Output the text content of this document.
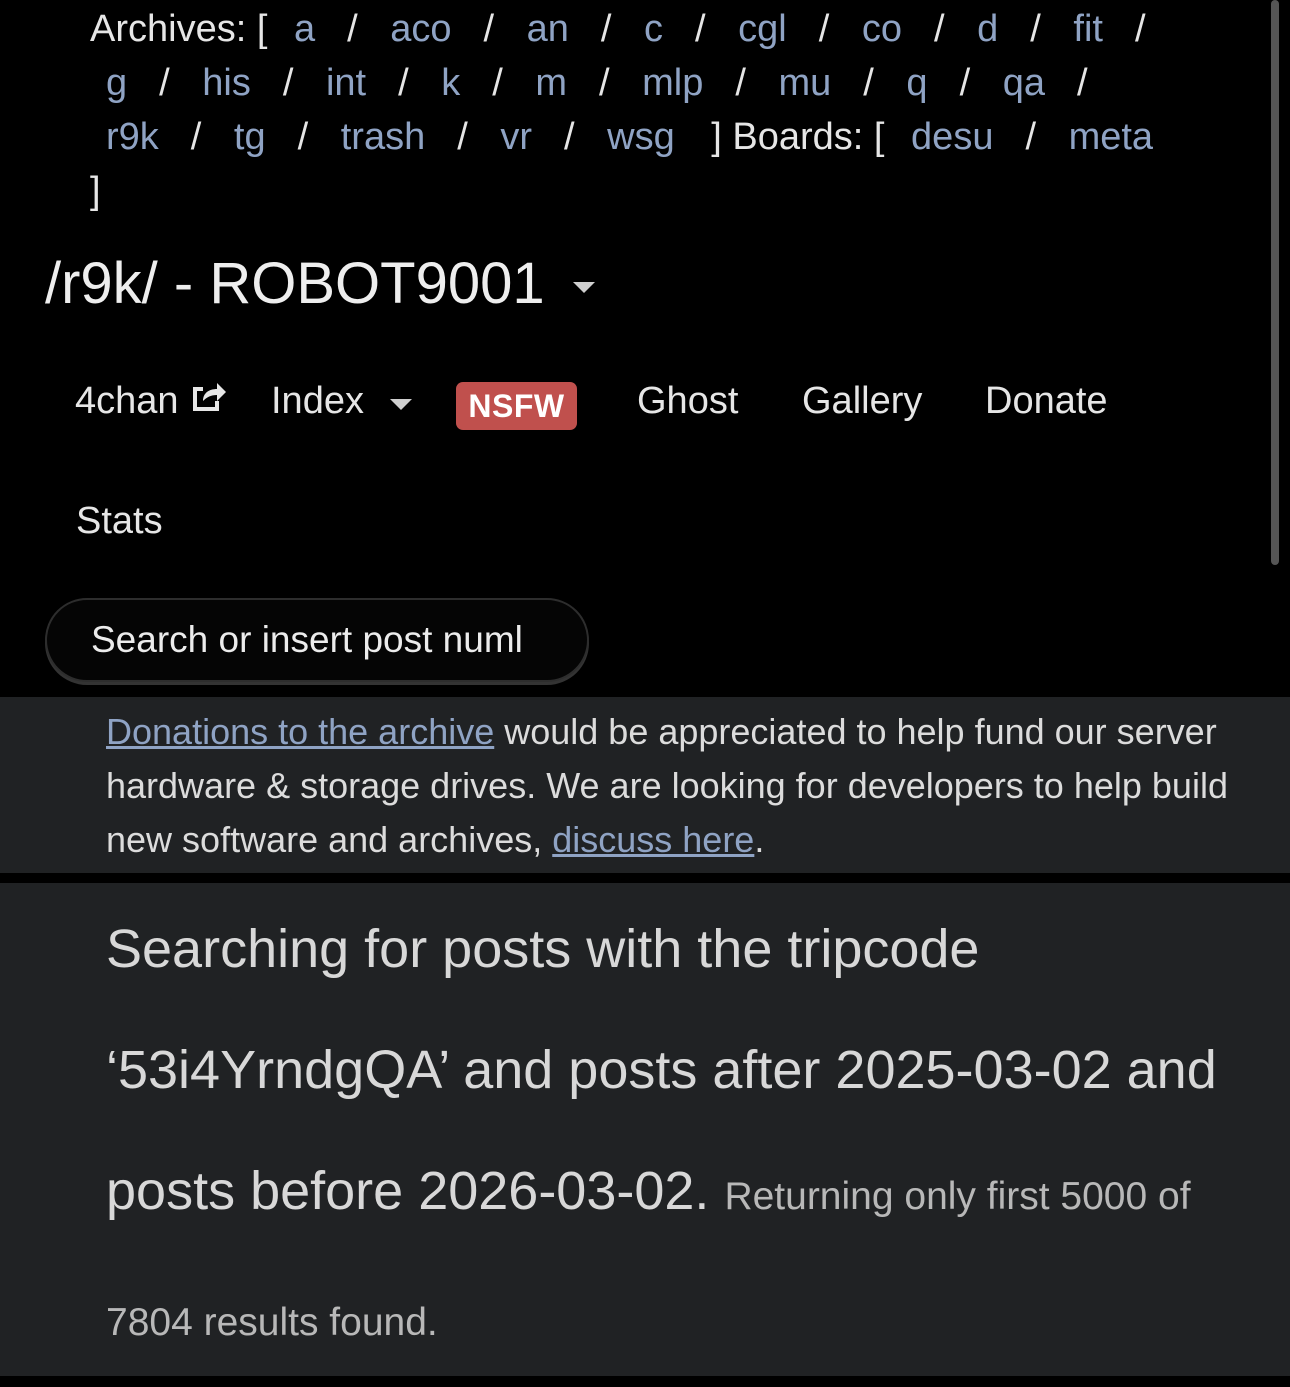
Archives: [ a / aco / an / c / cgl / co / d / fit / g / his / int / k / m / mlp / mu / q / qa / r9k / tg / trash / vr / wsg ] Boards: [ desu / meta ]
/r9k/ - ROBOT9001
4chan Index	NSFW	Ghost Gallery Donate
Stats
Search or insert post numl
Donations to the archive would be appreciated to help fund our server hardware & storage drives. We are looking for developers to help build new software and archives, discuss here.
Searching for posts with the tripcode ‘53i4YrndgQA’ and posts after 2025-03-02 and posts before 2026-03-02. Returning only first 5000 of 7804 results found.
